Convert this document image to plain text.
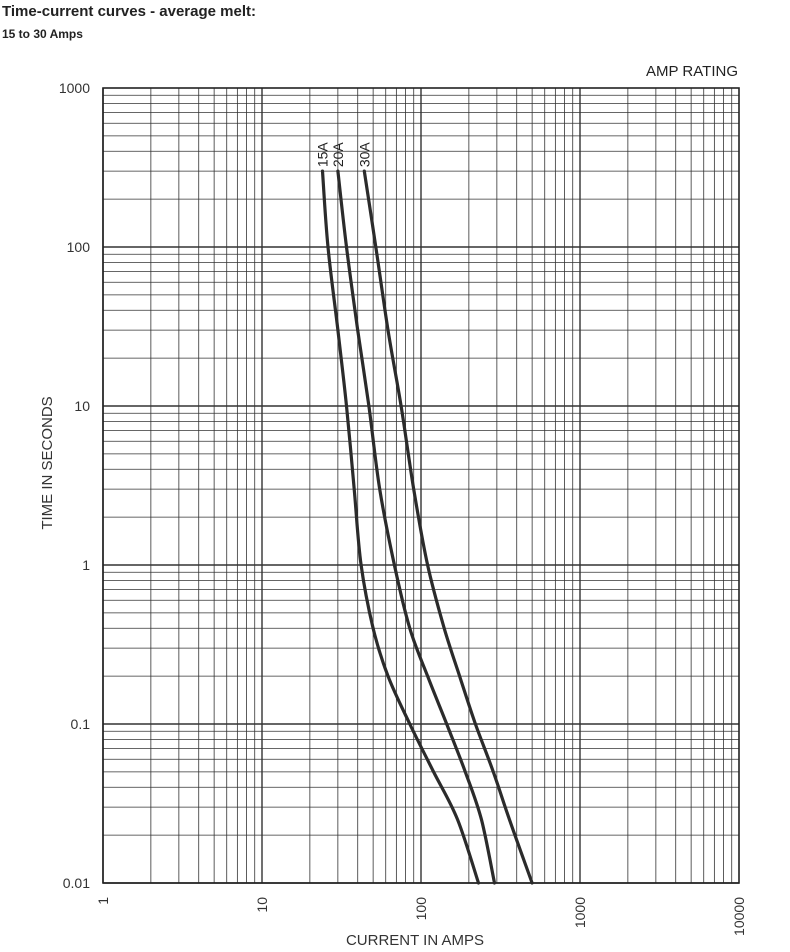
Time-current curves - average melt:
15 to 30 Amps
15A 20A 30A
0.01
0.1
1
10
100
1000
1	10	100	1000	10000
AMP RATING
CURRENT IN AMPS
TIME IN SECONDS
